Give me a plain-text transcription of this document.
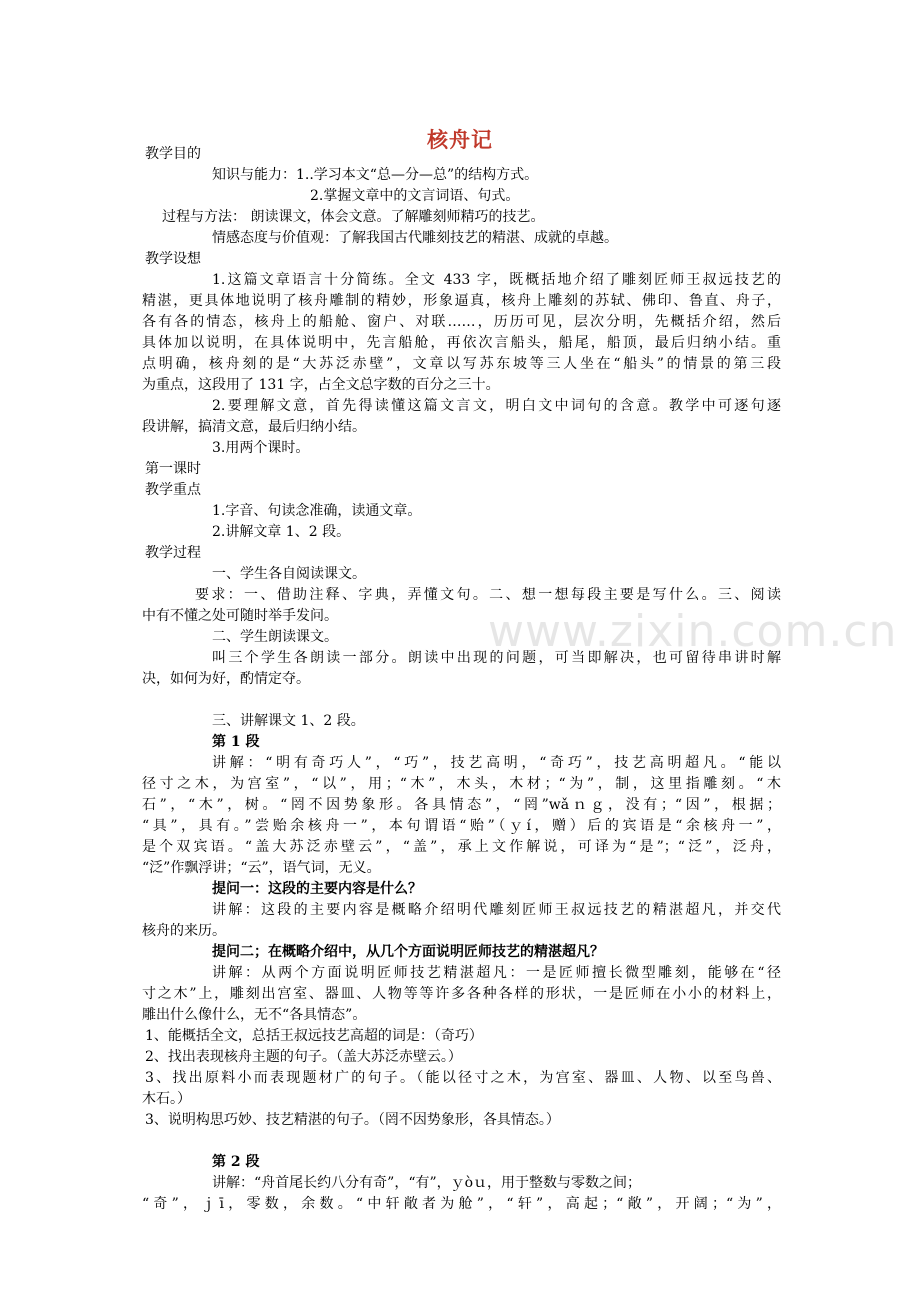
www.zixin.com.cn
核舟记
教学目的
知识与能力：1..学习本文“总—分—总”的结构方式。
2.掌握文章中的文言词语、句式。
过程与方法： 朗读课文，体会文意。了解雕刻师精巧的技艺。
情感态度与价值观：了解我国古代雕刻技艺的精湛、成就的卓越。
教学设想
1.这篇文章语言十分简练。全文 433 字，既概括地介绍了雕刻匠师王叔远技艺的
精湛，更具体地说明了核舟雕制的精妙，形象逼真，核舟上雕刻的苏轼、佛印、鲁直、舟子，
各有各的情态，核舟上的船舱、窗户、对联……，历历可见，层次分明，先概括介绍，然后
具体加以说明，在具体说明中，先言船舱，再依次言船头，船尾，船顶，最后归纳小结。重
点明确，核舟刻的是“大苏泛赤壁”，文章以写苏东坡等三人坐在“船头”的情景的第三段
为重点，这段用了 131 字，占全文总字数的百分之三十。
2.要理解文意，首先得读懂这篇文言文，明白文中词句的含意。教学中可逐句逐
段讲解，搞清文意，最后归纳小结。
3.用两个课时。
第一课时
教学重点
1.字音、句读念准确，读通文章。
2.讲解文章 1、2 段。
教学过程
一、学生各自阅读课文。
要求：一、借助注释、字典，弄懂文句。二、想一想每段主要是写什么。三、阅读
中有不懂之处可随时举手发问。
二、学生朗读课文。
叫三个学生各朗读一部分。朗读中出现的问题，可当即解决，也可留待串讲时解
决，如何为好，酌情定夺。
三、讲解课文 1、2 段。
第 1 段
讲解：“明有奇巧人”，“巧”，技艺高明，“奇巧”，技艺高明超凡。“能以
径寸之木，为宫室”，“以”，用；“木”，木头，木材；“为”，制，这里指雕刻。“木
石”，“木”，树。“罔不因势象形。各具情态”，“罔”wǎｎｇ，没有；“因”，根据；
“具”，具有。”尝贻余核舟一”，本句谓语“贻”（ｙí，赠）后的宾语是“余核舟一”，
是个双宾语。“盖大苏泛赤壁云”，“盖”，承上文作解说，可译为“是”；“泛”，泛舟，
“泛”作飘浮讲；“云”，语气词，无义。
提问一：这段的主要内容是什么？
讲解：这段的主要内容是概略介绍明代雕刻匠师王叔远技艺的精湛超凡，并交代
核舟的来历。
提问二；在概略介绍中，从几个方面说明匠师技艺的精湛超凡？
讲解：从两个方面说明匠师技艺精湛超凡：一是匠师擅长微型雕刻，能够在“径
寸之木”上，雕刻出宫室、器皿、人物等等许多各种各样的形状，一是匠师在小小的材料上，
雕出什么像什么，无不“各具情态”。
1、能概括全文，总括王叔远技艺高超的词是：（奇巧）
2、找出表现核舟主题的句子。（盖大苏泛赤壁云。）
3、找出原料小而表现题材广的句子。（能以径寸之木，为宫室、器皿、人物、以至鸟兽、
木石。）
3、说明构思巧妙、技艺精湛的句子。（罔不因势象形，各具情态。）
第 2 段
讲解：“舟首尾长约八分有奇”，“有”，ｙòｕ，用于整数与零数之间；
“奇”，ｊī，零数，余数。“中轩敞者为舱”，“轩”，高起；“敞”，开阔；“为”，
